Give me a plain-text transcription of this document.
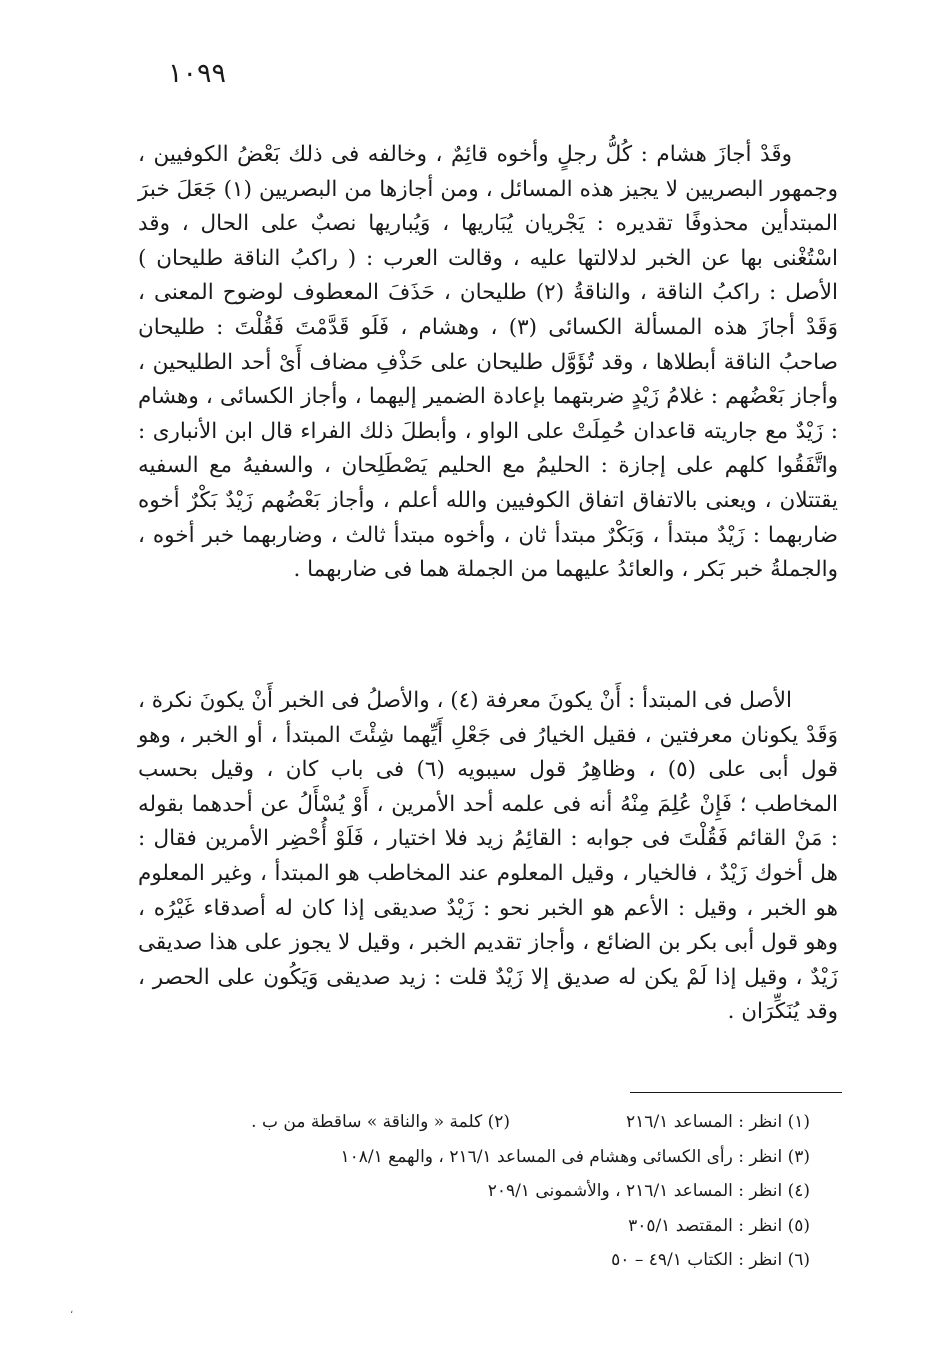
١٠٩٩

وقَدْ أجازَ هشام : كُلُّ رجلٍ وأخوه قائِمٌ ، وخالفه فى ذلك بَعْضُ الكوفيين ، وجمهور البصريين لا يجيز هذه المسائل ، ومن أجازها من البصريين (١) جَعَلَ خبرَ المبتدأين محذوفًا تقديره : يَجْريان يُبَاريها ، وَيُباريها نصبٌ على الحال ، وقد اسْتُغْنى بها عن الخبر لدلالتها عليه ، وقالت العرب : ( راكبُ الناقة طليحان ) الأصل : راكبُ الناقة ، والناقةُ (٢) طليحان ، حَذَفَ المعطوف لوضوح المعنى ، وَقَدْ أجازَ هذه المسألة الكسائى (٣) ، وهشام ، فَلَو قَدَّمْتَ فَقُلْتَ : طليحان صاحبُ الناقة أبطلاها ، وقد تُؤَوَّل طليحان على حَذْفِ مضاف أَىْ أحد الطليحين ، وأجاز بَعْضُهم : غلامُ زَيْدٍ ضربتهما بإعادة الضمير إليهما ، وأجاز الكسائى ، وهشام : زَيْدٌ مع جاريته قاعدان حُمِلَتْ على الواو ، وأبطلَ ذلك الفراء قال ابن الأنبارى : واتَّفَقُوا كلهم على إجازة : الحليمُ مع الحليم يَصْطَلِحان ، والسفيهُ مع السفيه يقتتلان ، ويعنى بالاتفاق اتفاق الكوفيين والله أعلم ، وأجاز بَعْضُهم زَيْدٌ بَكْرٌ أخوه ضاربهما : زَيْدٌ مبتدأ ، وَبَكْرٌ مبتدأ ثان ، وأخوه مبتدأ ثالث ، وضاربهما خبر أخوه ، والجملةُ خبر بَكر ، والعائدُ عليهما من الجملة هما فى ضاربهما .

الأصل فى المبتدأ : أَنْ يكونَ معرفة (٤) ، والأصلُ فى الخبر أَنْ يكونَ نكرة ، وَقَدْ يكونان معرفتين ، فقيل الخيارُ فى جَعْلِ أَيِّهما شِئْتَ المبتدأ ، أو الخبر ، وهو قول أبى على (٥) ، وظاهِرُ قول سيبويه (٦) فى باب كان ، وقيل بحسب المخاطب ؛ فَإِنْ عُلِمَ مِنْهُ أنه فى علمه أحد الأمرين ، أَوْ يُسْأَلُ عن أحدهما بقوله : مَنْ القائم فَقُلْتَ فى جوابه : القائِمُ زيد فلا اختيار ، فَلَوْ أُحْضِر الأمرين فقال : هل أخوك زَيْدٌ ، فالخيار ، وقيل المعلوم عند المخاطب هو المبتدأ ، وغير المعلوم هو الخبر ، وقيل : الأعم هو الخبر نحو : زَيْدٌ صديقى إذا كان له أصدقاء غَيْرُه ، وهو قول أبى بكر بن الضائع ، وأجاز تقديم الخبر ، وقيل لا يجوز على هذا صديقى زَيْدٌ ، وقيل إذا لَمْ يكن له صديق إلا زَيْدٌ قلت : زيد صديقى وَيَكُون على الحصر ، وقد يُنَكِّرَان .

(١) انظر : المساعد ٢١٦/١
(٢) كلمة « والناقة » ساقطة من ب .
(٣) انظر : رأى الكسائى وهشام فى المساعد ٢١٦/١ ، والهمع ١٠٨/١
(٤) انظر : المساعد ٢١٦/١ ، والأشمونى ٢٠٩/١
(٥) انظر : المقتصد ٣٠٥/١
(٦) انظر : الكتاب ٤٩/١ – ٥٠
،
